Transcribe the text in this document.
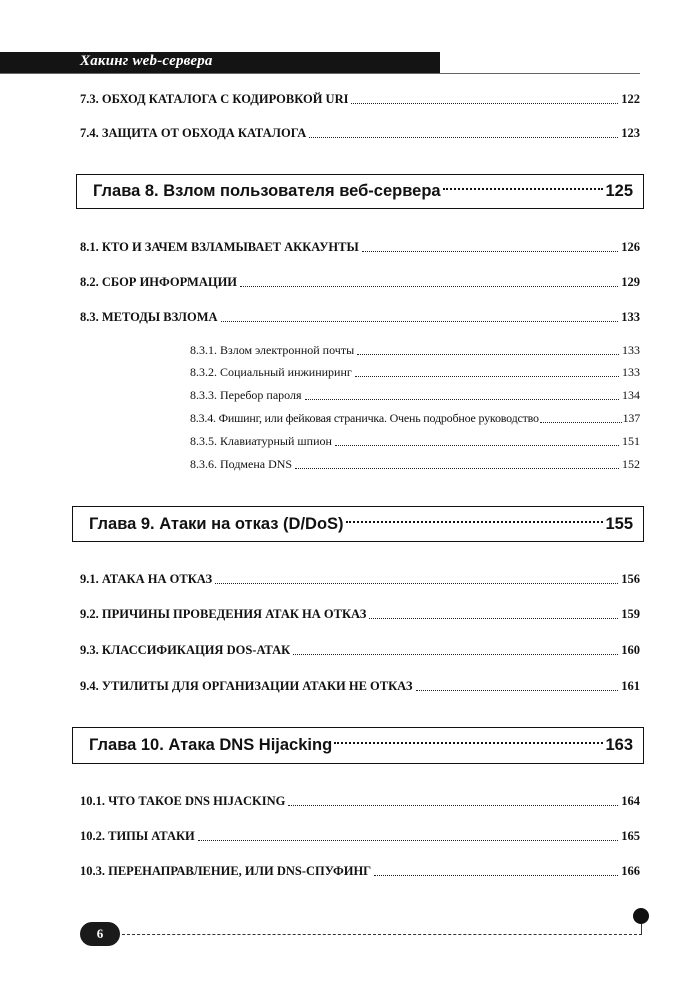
Хакинг web-сервера
7.3. ОБХОД КАТАЛОГА С КОДИРОВКОЙ URI	122
7.4. ЗАЩИТА ОТ ОБХОДА КАТАЛОГА	123
Глава 8. Взлом пользователя веб-сервера	125
8.1. КТО И ЗАЧЕМ ВЗЛАМЫВАЕТ АККАУНТЫ	126
8.2. СБОР ИНФОРМАЦИИ	129
8.3. МЕТОДЫ ВЗЛОМА	133
8.3.1. Взлом электронной почты	133
8.3.2. Социальный инжиниринг	133
8.3.3. Перебор пароля	134
8.3.4. Фишинг, или фейковая страничка. Очень подробное руководство	137
8.3.5. Клавиатурный шпион	151
8.3.6. Подмена DNS	152
Глава 9. Атаки на отказ (D/DoS)	155
9.1. АТАКА НА ОТКАЗ	156
9.2. ПРИЧИНЫ ПРОВЕДЕНИЯ АТАК НА ОТКАЗ	159
9.3. КЛАССИФИКАЦИЯ DOS-АТАК	160
9.4. УТИЛИТЫ ДЛЯ ОРГАНИЗАЦИИ АТАКИ НЕ ОТКАЗ	161
Глава 10. Атака DNS Hijacking	163
10.1. ЧТО ТАКОЕ DNS HIJACKING	164
10.2. ТИПЫ АТАКИ	165
10.3. ПЕРЕНАПРАВЛЕНИЕ, ИЛИ DNS-СПУФИНГ	166
6
